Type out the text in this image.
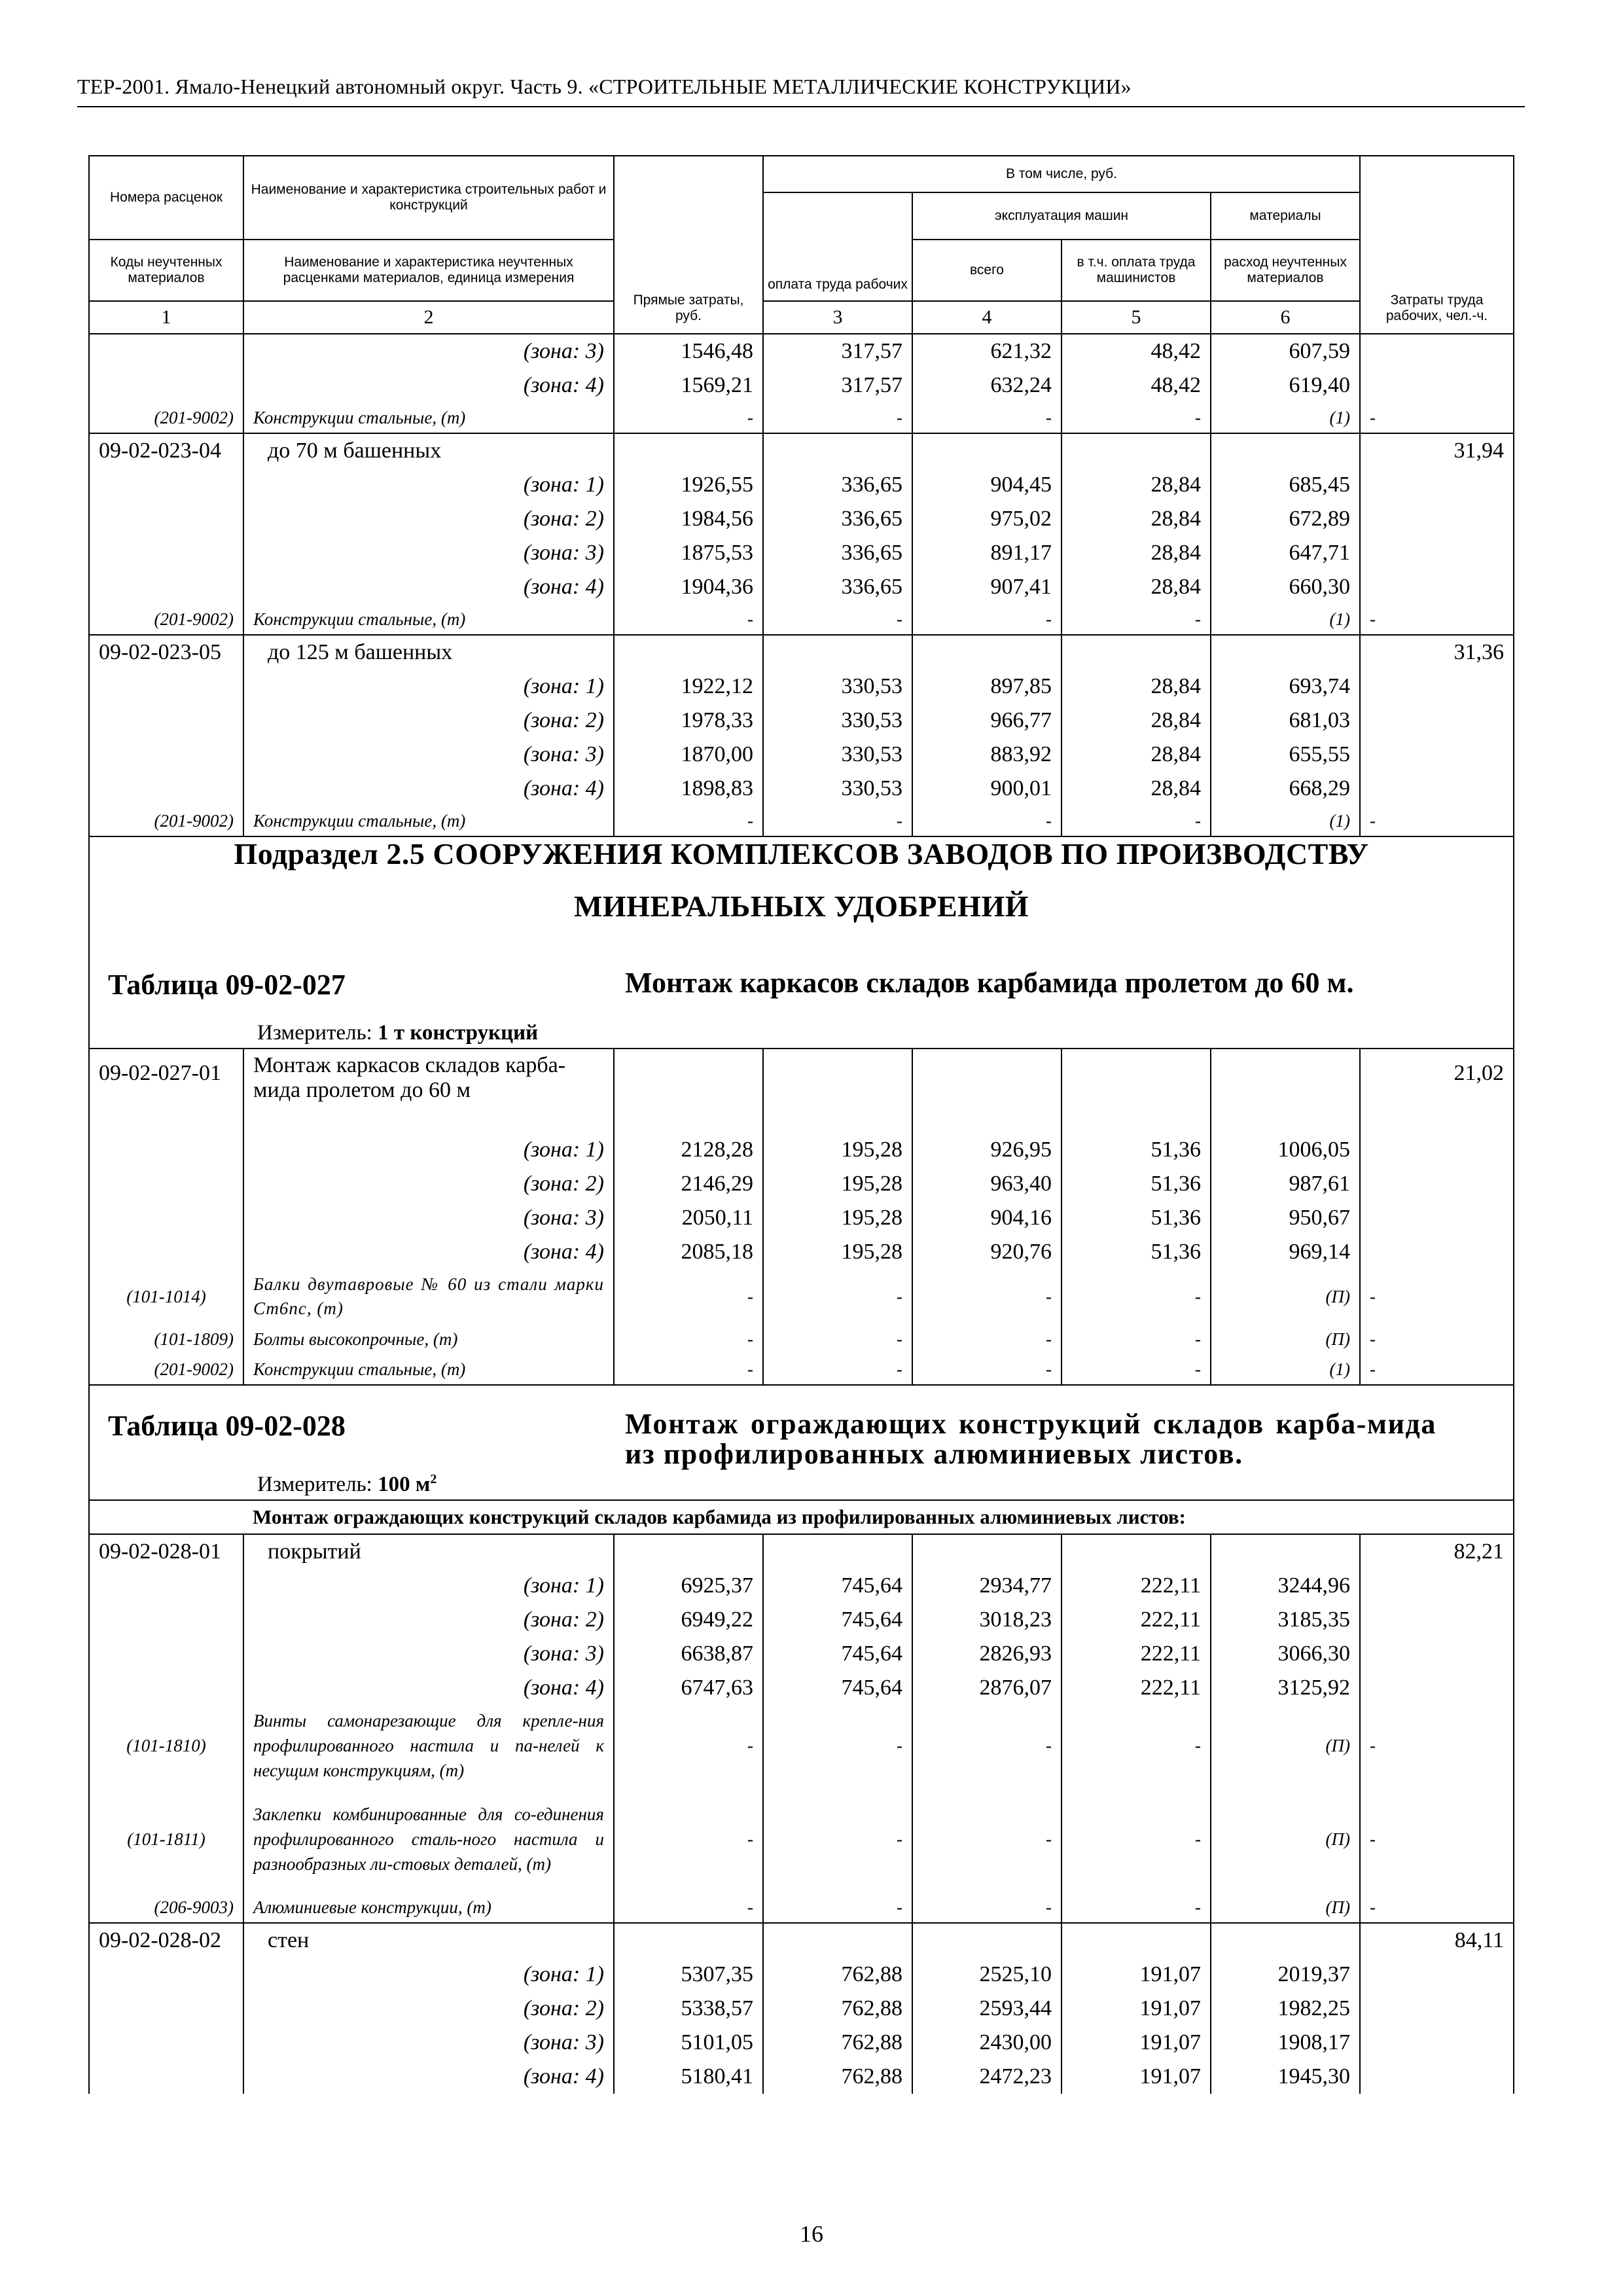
ТЕР-2001. Ямало-Ненецкий автономный округ. Часть 9. «СТРОИТЕЛЬНЫЕ МЕТАЛЛИЧЕСКИЕ КОНСТРУКЦИИ»
Номера расценок	Наименование и характеристика строительных работ и конструкций	Прямые затраты, руб.	В том числе, руб.				Затраты труда рабочих, чел.-ч.	
			оплата труда рабочих	эксплуатация машин		материалы		
Коды неучтенных материалов	Наименование и характеристика неучтенных расценками материалов, единица измерения			всего	в т.ч. оплата труда машинистов	расход неучтенных материалов		
1	2		3	4	5	6		
	(зона: 3)	1546,48	317,57	621,32	48,42	607,59		
	(зона: 4)	1569,21	317,57	632,24	48,42	619,40		
(201-9002)	Конструкции стальные, (т)	-	-	-	-	(1)	-	
09-02-023-04	до 70 м башенных						31,94	
	(зона: 1)	1926,55	336,65	904,45	28,84	685,45		
	(зона: 2)	1984,56	336,65	975,02	28,84	672,89		
	(зона: 3)	1875,53	336,65	891,17	28,84	647,71		
	(зона: 4)	1904,36	336,65	907,41	28,84	660,30		
(201-9002)	Конструкции стальные, (т)	-	-	-	-	(1)	-	
09-02-023-05	до 125 м башенных						31,36	
	(зона: 1)	1922,12	330,53	897,85	28,84	693,74		
	(зона: 2)	1978,33	330,53	966,77	28,84	681,03		
	(зона: 3)	1870,00	330,53	883,92	28,84	655,55		
	(зона: 4)	1898,83	330,53	900,01	28,84	668,29		
(201-9002)	Конструкции стальные, (т)	-	-	-	-	(1)	-	

Подраздел 2.5 СООРУЖЕНИЯ КОМПЛЕКСОВ ЗАВОДОВ ПО ПРОИЗВОДСТВУ
МИНЕРАЛЬНЫХ УДОБРЕНИЙ
Таблица 09-02-027 Монтаж каркасов складов карбамида пролетом до 60 м.
Измеритель: 1 т конструкций								

09-02-027-01	Монтаж каркасов складов карба-мида пролетом до 60 м						21,02	
	(зона: 1)	2128,28	195,28	926,95	51,36	1006,05		
	(зона: 2)	2146,29	195,28	963,40	51,36	987,61		
	(зона: 3)	2050,11	195,28	904,16	51,36	950,67		
	(зона: 4)	2085,18	195,28	920,76	51,36	969,14		
(101-1014)	Балки двутавровые № 60 из стали марки Ст6пс, (т)	-	-	-	-	(П)	-	
(101-1809)	Болты высокопрочные, (т)	-	-	-	-	(П)	-	
(201-9002)	Конструкции стальные, (т)	-	-	-	-	(1)	-	

Таблица 09-02-028 Монтаж ограждающих конструкций складов карба-мида из профилированных алюминиевых листов.
Измеритель: 100 $м^2$

	Монтаж ограждающих конструкций складов карбамида из профилированных алюминиевых листов:							
09-02-028-01	покрытий						82,21	
	(зона: 1)	6925,37	745,64	2934,77	222,11	3244,96		
	(зона: 2)	6949,22	745,64	3018,23	222,11	3185,35		
	(зона: 3)	6638,87	745,64	2826,93	222,11	3066,30		
	(зона: 4)	6747,63	745,64	2876,07	222,11	3125,92		
(101-1810)	Винты самонарезающие для крепле-ния профилированного настила и па-нелей к несущим конструкциям, (т)	-	-	-	-	(П)	-	
(101-1811)	Заклепки комбинированные для со-единения профилированного сталь-ного настила и разнообразных ли-стовых деталей, (т)	-	-	-	-	(П)	-	
(206-9003)	Алюминиевые конструкции, (т)	-	-	-	-	(П)	-	
09-02-028-02	стен						84,11	
	(зона: 1)	5307,35	762,88	2525,10	191,07	2019,37		
	(зона: 2)	5338,57	762,88	2593,44	191,07	1982,25		
	(зона: 3)	5101,05	762,88	2430,00	191,07	1908,17		
	(зона: 4)	5180,41	762,88	2472,23	191,07	1945,30		
16
